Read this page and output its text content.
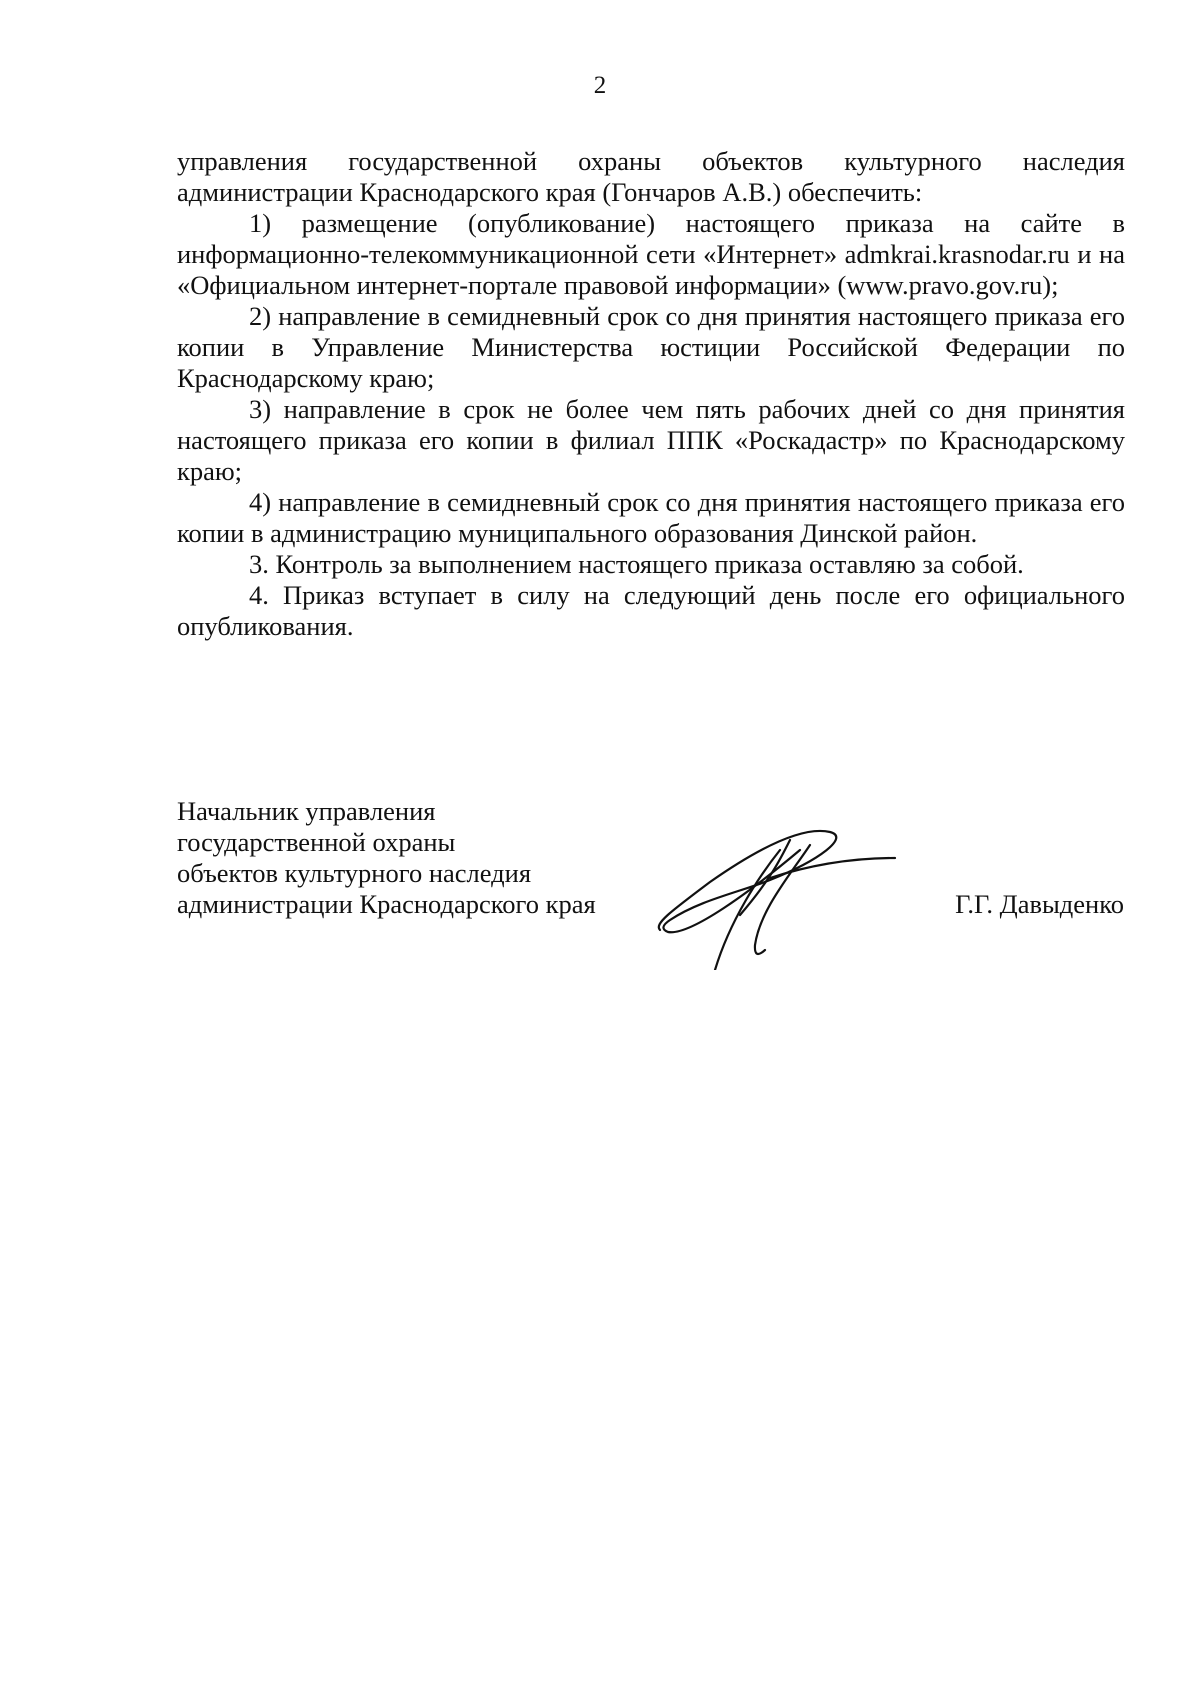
2

управления государственной охраны объектов культурного наследия администрации Краснодарского края (Гончаров А.В.) обеспечить:

1) размещение (опубликование) настоящего приказа на сайте в информационно-телекоммуникационной сети «Интернет» admkrai.krasnodar.ru и на «Официальном интернет-портале правовой информации» (www.pravo.gov.ru);

2) направление в семидневный срок со дня принятия настоящего приказа его копии в Управление Министерства юстиции Российской Федерации по Краснодарскому краю;

3) направление в срок не более чем пять рабочих дней со дня принятия настоящего приказа его копии в филиал ППК «Роскадастр» по Краснодарскому краю;

4) направление в семидневный срок со дня принятия настоящего приказа его копии в администрацию муниципального образования Динской район.

3. Контроль за выполнением настоящего приказа оставляю за собой.

4. Приказ вступает в силу на следующий день после его официального опубликования.

Начальник управления
государственной охраны
объектов культурного наследия
администрации Краснодарского края	Г.Г. Давыденко
